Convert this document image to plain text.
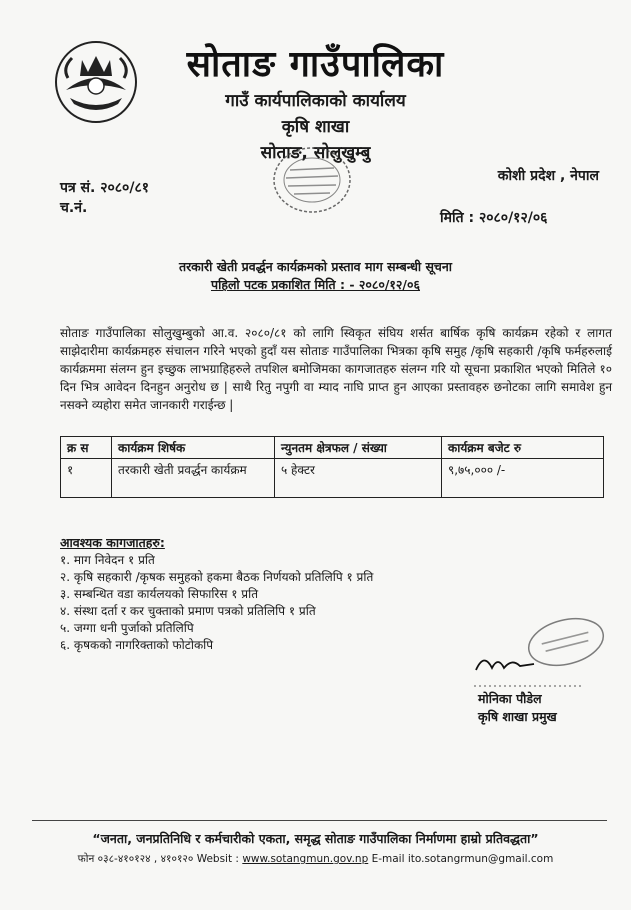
सोताङ गाउँपालिका
गाउँ कार्यपालिकाको कार्यालय
कृषि शाखा
सोताङ, सोलुखुम्बु
कोशी प्रदेश , नेपाल
पत्र सं. २०८०/८१
च.नं.
मिति : २०८०/१२/०६
तरकारी खेती प्रवर्द्धन कार्यक्रमको प्रस्ताव माग सम्बन्धी सूचना
पहिलो पटक प्रकाशित मिति : - २०८०/१२/०६
सोताङ गाउँपालिका सोलुखुम्बुको आ.व. २०८०/८१ को लागि स्विकृत संघिय शर्सत बार्षिक कृषि कार्यक्रम रहेको र लागत साझेदारीमा कार्यक्रमहरु संचालन गरिने भएको हुदाँ यस सोताङ गाउँपालिका भित्रका कृषि समुह /कृषि सहकारी /कृषि फर्महरुलाई कार्यक्रममा संलग्न हुन इच्छुक लाभग्राहिहरुले तपशिल बमोजिमका कागजातहरु संलग्न गरि यो सूचना प्रकाशित भएको मितिले १० दिन भित्र आवेदन दिनहुन अनुरोध छ | साथै रितु नपुगी वा म्याद नाघि प्राप्त हुन आएका प्रस्तावहरु छनोटका लागि समावेश हुन नसक्ने व्यहोरा समेत जानकारी गराईन्छ |
क्र स	कार्यक्रम शिर्षक	न्युनतम क्षेत्रफल / संख्या	कार्यक्रम बजेट रु
१	तरकारी खेती प्रवर्द्धन कार्यक्रम	५ हेक्टर	९,७५,००० /-
आवश्यक कागजातहरु:
१. माग निवेदन १ प्रति
२. कृषि सहकारी /कृषक समुहको हकमा बैठक निर्णयको प्रतिलिपि १ प्रति
३. सम्बन्धित वडा कार्यलयको सिफारिस १ प्रति
४. संस्था दर्ता र कर चुक्ताको प्रमाण पत्रको प्रतिलिपि १ प्रति
५. जग्गा धनी पुर्जाको प्रतिलिपि
६. कृषकको नागरिक्ताको फोटोकपि
मोनिका पौडेल
कृषि शाखा प्रमुख
“जनता, जनप्रतिनिधि र कर्मचारीको एकता, समृद्ध सोताङ गाउँपालिका निर्माणमा हाम्रो प्रतिवद्धता”
फोन ०३८-४१०१२४ , ४१०१२० Websit : www.sotangmun.gov.np E-mail ito.sotangrmun@gmail.com
